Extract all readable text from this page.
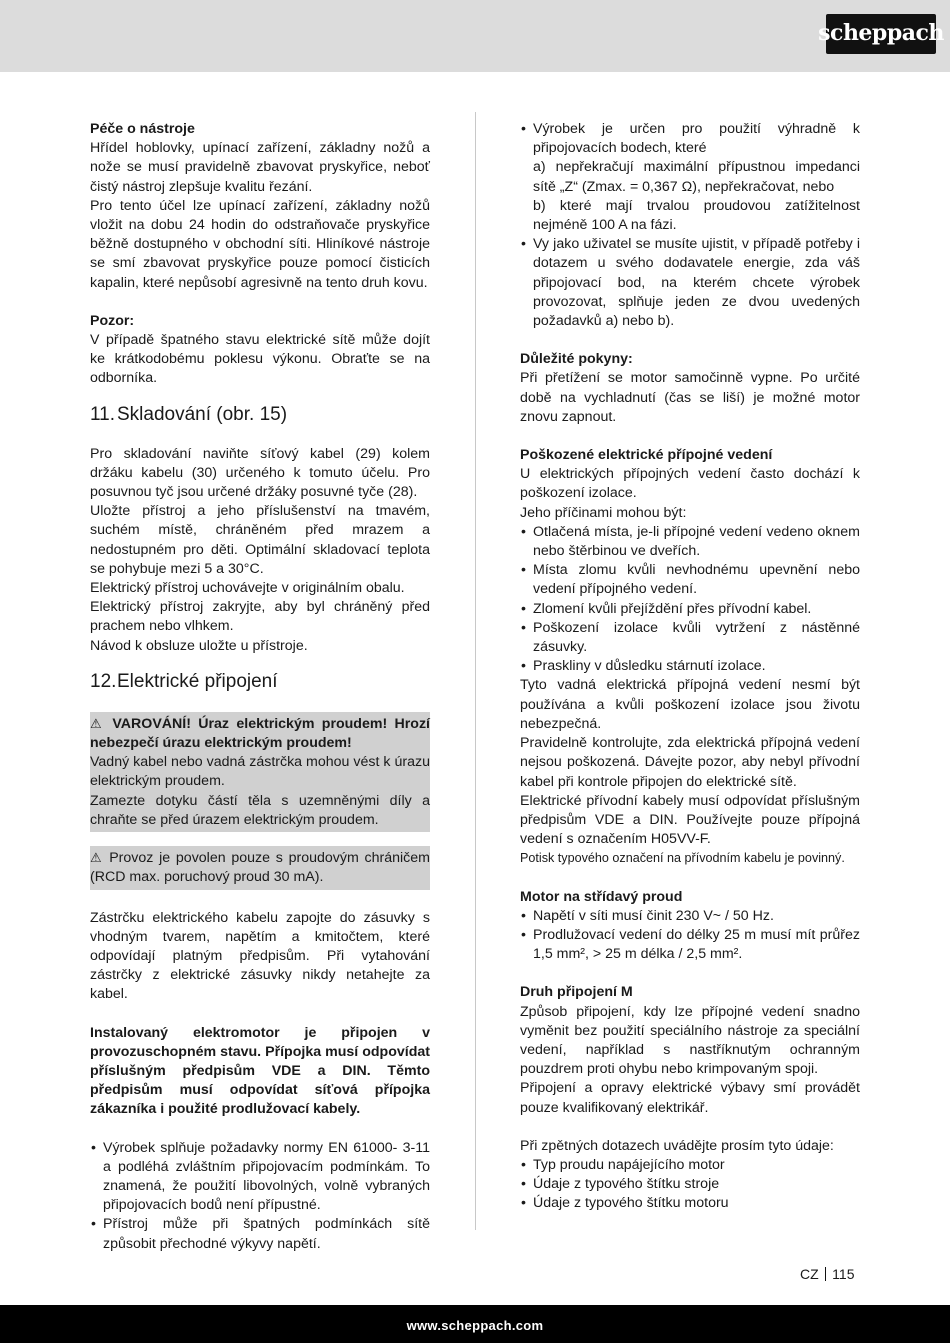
scheppach

Péče o nástroje

Hřídel hoblovky, upínací zařízení, základny nožů a nože se musí pravidelně zbavovat pryskyřice, neboť čistý nástroj zlepšuje kvalitu řezání.

Pro tento účel lze upínací zařízení, základny nožů vložit na dobu 24 hodin do odstraňovače pryskyřice běžně dostupného v obchodní síti. Hliníkové nástroje se smí zbavovat pryskyřice pouze pomocí čisticích kapalin, které nepůsobí agresivně na tento druh kovu.

Pozor:

V případě špatného stavu elektrické sítě může dojít ke krátkodobému poklesu výkonu. Obraťte se na odborníka.

11. Skladování (obr. 15)

Pro skladování naviňte síťový kabel (29) kolem držáku kabelu (30) určeného k tomuto účelu. Pro posuvnou tyč jsou určené držáky posuvné tyče (28).

Uložte přístroj a jeho příslušenství na tmavém, suchém místě, chráněném před mrazem a nedostupném pro děti. Optimální skladovací teplota se pohybuje mezi 5 a 30°C.

Elektrický přístroj uchovávejte v originálním obalu.

Elektrický přístroj zakryjte, aby byl chráněný před prachem nebo vlhkem.

Návod k obsluze uložte u přístroje.

12.Elektrické připojení

⚠ VAROVÁNÍ! Úraz elektrickým proudem! Hrozí nebezpečí úrazu elektrickým proudem!

Vadný kabel nebo vadná zástrčka mohou vést k úrazu elektrickým proudem.

Zamezte dotyku částí těla s uzemněnými díly a chraňte se před úrazem elektrickým proudem.

⚠ Provoz je povolen pouze s proudovým chráničem (RCD max. poruchový proud 30 mA).

Zástrčku elektrického kabelu zapojte do zásuvky s vhodným tvarem, napětím a kmitočtem, které odpovídají platným předpisům. Při vytahování zástrčky z elektrické zásuvky nikdy netahejte za kabel.

Instalovaný elektromotor je připojen v provozuschopném stavu. Přípojka musí odpovídat příslušným předpisům VDE a DIN. Těmto předpisům musí odpovídat síťová přípojka zákazníka i použité prodlužovací kabely.

• Výrobek splňuje požadavky normy EN 61000- 3-11 a podléhá zvláštním připojovacím podmínkám. To znamená, že použití libovolných, volně vybraných připojovacích bodů není přípustné.
• Přístroj může při špatných podmínkách sítě způsobit přechodné výkyvy napětí.

• Výrobek je určen pro použití výhradně k připojovacích bodech, které

a) nepřekračují maximální přípustnou impedanci sítě „Z“ (Zmax. = 0,367 Ω), nepřekračovat, nebo

b) které mají trvalou proudovou zatížitelnost nejméně 100 A na fázi.

• Vy jako uživatel se musíte ujistit, v případě potřeby i dotazem u svého dodavatele energie, zda váš připojovací bod, na kterém chcete výrobek provozovat, splňuje jeden ze dvou uvedených požadavků a) nebo b).

Důležité pokyny:

Při přetížení se motor samočinně vypne. Po určité době na vychladnutí (čas se liší) je možné motor znovu zapnout.

Poškozené elektrické přípojné vedení

U elektrických přípojných vedení často dochází k poškození izolace.

Jeho příčinami mohou být:

• Otlačená místa, je-li přípojné vedení vedeno oknem nebo štěrbinou ve dveřích.
• Místa zlomu kvůli nevhodnému upevnění nebo vedení přípojného vedení.
• Zlomení kvůli přejíždění přes přívodní kabel.
• Poškození izolace kvůli vytržení z nástěnné zásuvky.
• Praskliny v důsledku stárnutí izolace.

Tyto vadná elektrická přípojná vedení nesmí být používána a kvůli poškození izolace jsou životu nebezpečná.

Pravidelně kontrolujte, zda elektrická přípojná vedení nejsou poškozená. Dávejte pozor, aby nebyl přívodní kabel při kontrole připojen do elektrické sítě.

Elektrické přívodní kabely musí odpovídat příslušným předpisům VDE a DIN. Používejte pouze přípojná vedení s označením H05VV-F.

Potisk typového označení na přívodním kabelu je povinný.

Motor na střídavý proud

• Napětí v síti musí činit 230 V~ / 50 Hz.
• Prodlužovací vedení do délky 25 m musí mít průřez 1,5 mm², > 25 m délka / 2,5 mm².

Druh připojení M

Způsob připojení, kdy lze přípojné vedení snadno vyměnit bez použití speciálního nástroje za speciální vedení, například s nastříknutým ochranným pouzdrem proti ohybu nebo krimpovaným spoji.

Připojení a opravy elektrické výbavy smí provádět pouze kvalifikovaný elektrikář.

Při zpětných dotazech uvádějte prosím tyto údaje:

• Typ proudu napájejícího motor
• Údaje z typového štítku stroje
• Údaje z typového štítku motoru
CZ 115
www.scheppach.com
